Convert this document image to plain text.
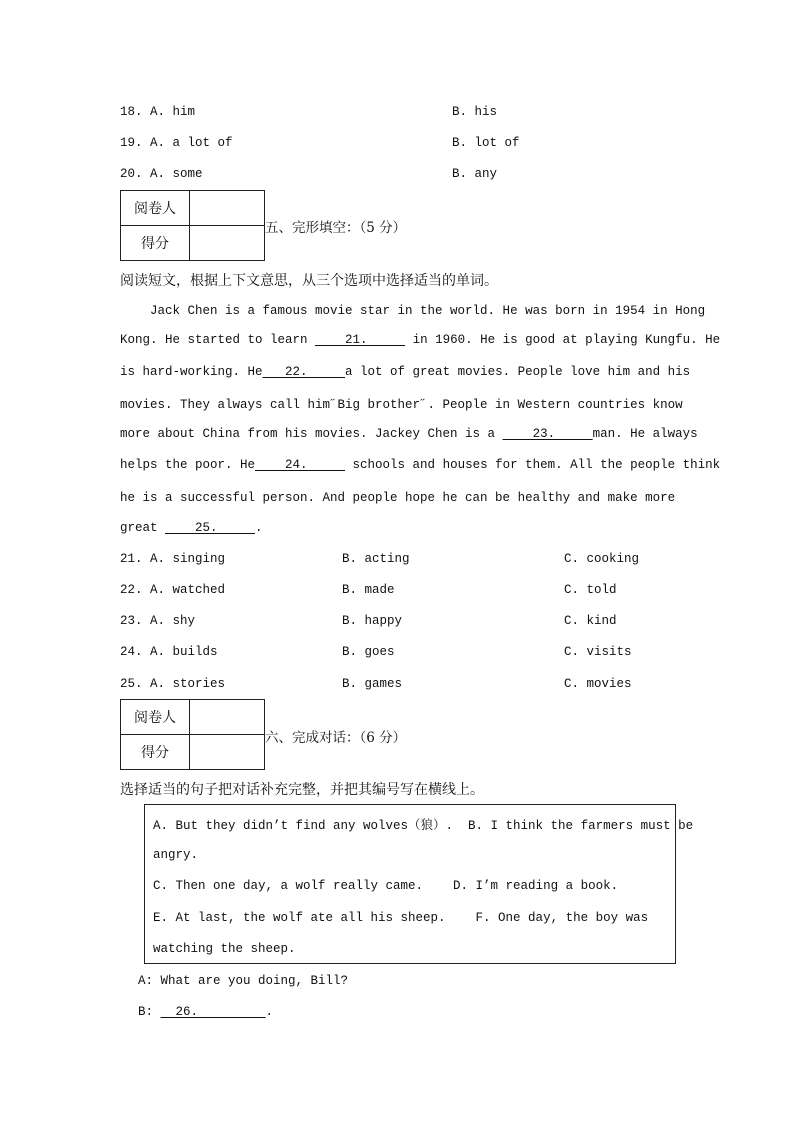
18. A. him	B. his
19. A. a lot of	B. lot of
20. A. some	B. any
阅卷人	
得分	
五、完形填空：（5 分）
阅读短文，根据上下文意思，从三个选项中选择适当的单词。

Jack Chen is a famous movie star in the world. He was born in 1954 in Hong

Kong. He started to learn     21.      in 1960. He is good at playing Kungfu. He

is hard-working. He   22.     a lot of great movies. People love him and his

movies. They always call him˝Big brother˝. People in Western countries know

more about China from his movies. Jackey Chen is a     23.     man. He always

helps the poor. He    24.      schools and houses for them. All the people think

he is a successful person. And people hope he can be healthy and make more

great     25.     .

21. A. singing	B. acting	C. cooking
22. A. watched	B. made	C. told
23. A. shy	B. happy	C. kind
24. A. builds	B. goes	C. visits
25. A. stories	B. games	C. movies
阅卷人	
得分	
六、完成对话：（6 分）
选择适当的句子把对话补充完整，并把其编号写在横线上。
A. But they didn’t find any wolves（狼）.  B. I think the farmers must be
angry.
C. Then one day, a wolf really came.    D. I’m reading a book.
E. At last, the wolf ate all his sheep.    F. One day, the boy was
watching the sheep.
A: What are you doing, Bill?
B:   26.         .
